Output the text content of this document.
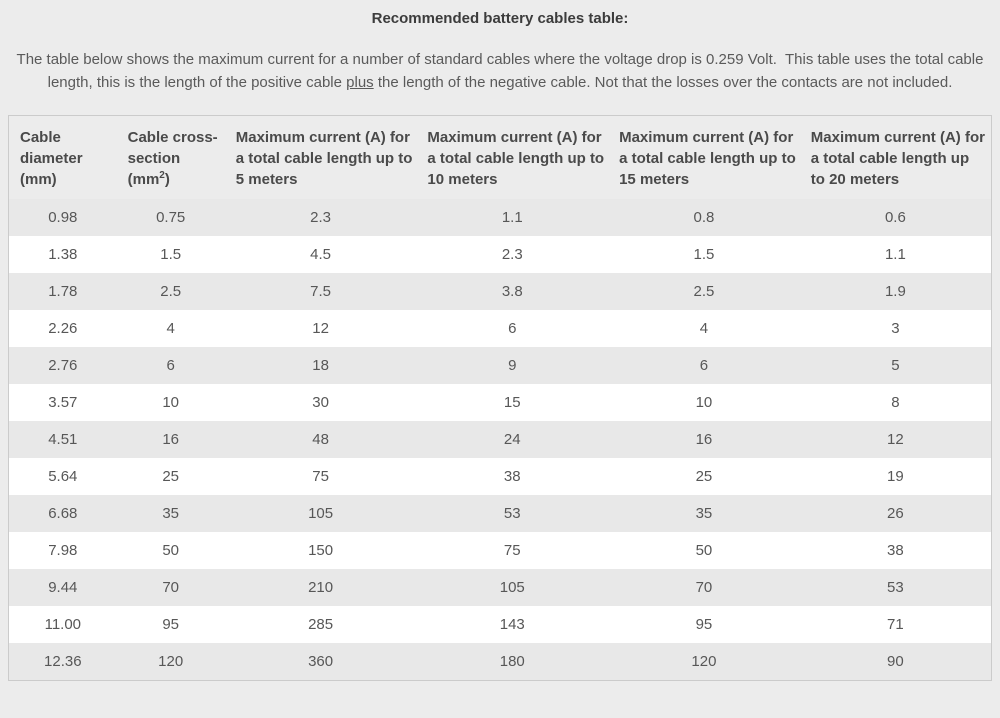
Recommended battery cables table:

The table below shows the maximum current for a number of standard cables where the voltage drop is 0.259 Volt.  This table uses the total cable length, this is the length of the positive cable plus the length of the negative cable. Not that the losses over the contacts are not included.

Cable diameter (mm)	Cable cross-section $(mm^2)$	Maximum current (A) for a total cable length up to 5 meters	Maximum current (A) for a total cable length up to 10 meters	Maximum current (A) for a total cable length up to 15 meters	Maximum current (A) for a total cable length up to 20 meters
0.98	0.75	2.3	1.1	0.8	0.6
1.38	1.5	4.5	2.3	1.5	1.1
1.78	2.5	7.5	3.8	2.5	1.9
2.26	4	12	6	4	3
2.76	6	18	9	6	5
3.57	10	30	15	10	8
4.51	16	48	24	16	12
5.64	25	75	38	25	19
6.68	35	105	53	35	26
7.98	50	150	75	50	38
9.44	70	210	105	70	53
11.00	95	285	143	95	71
12.36	120	360	180	120	90
